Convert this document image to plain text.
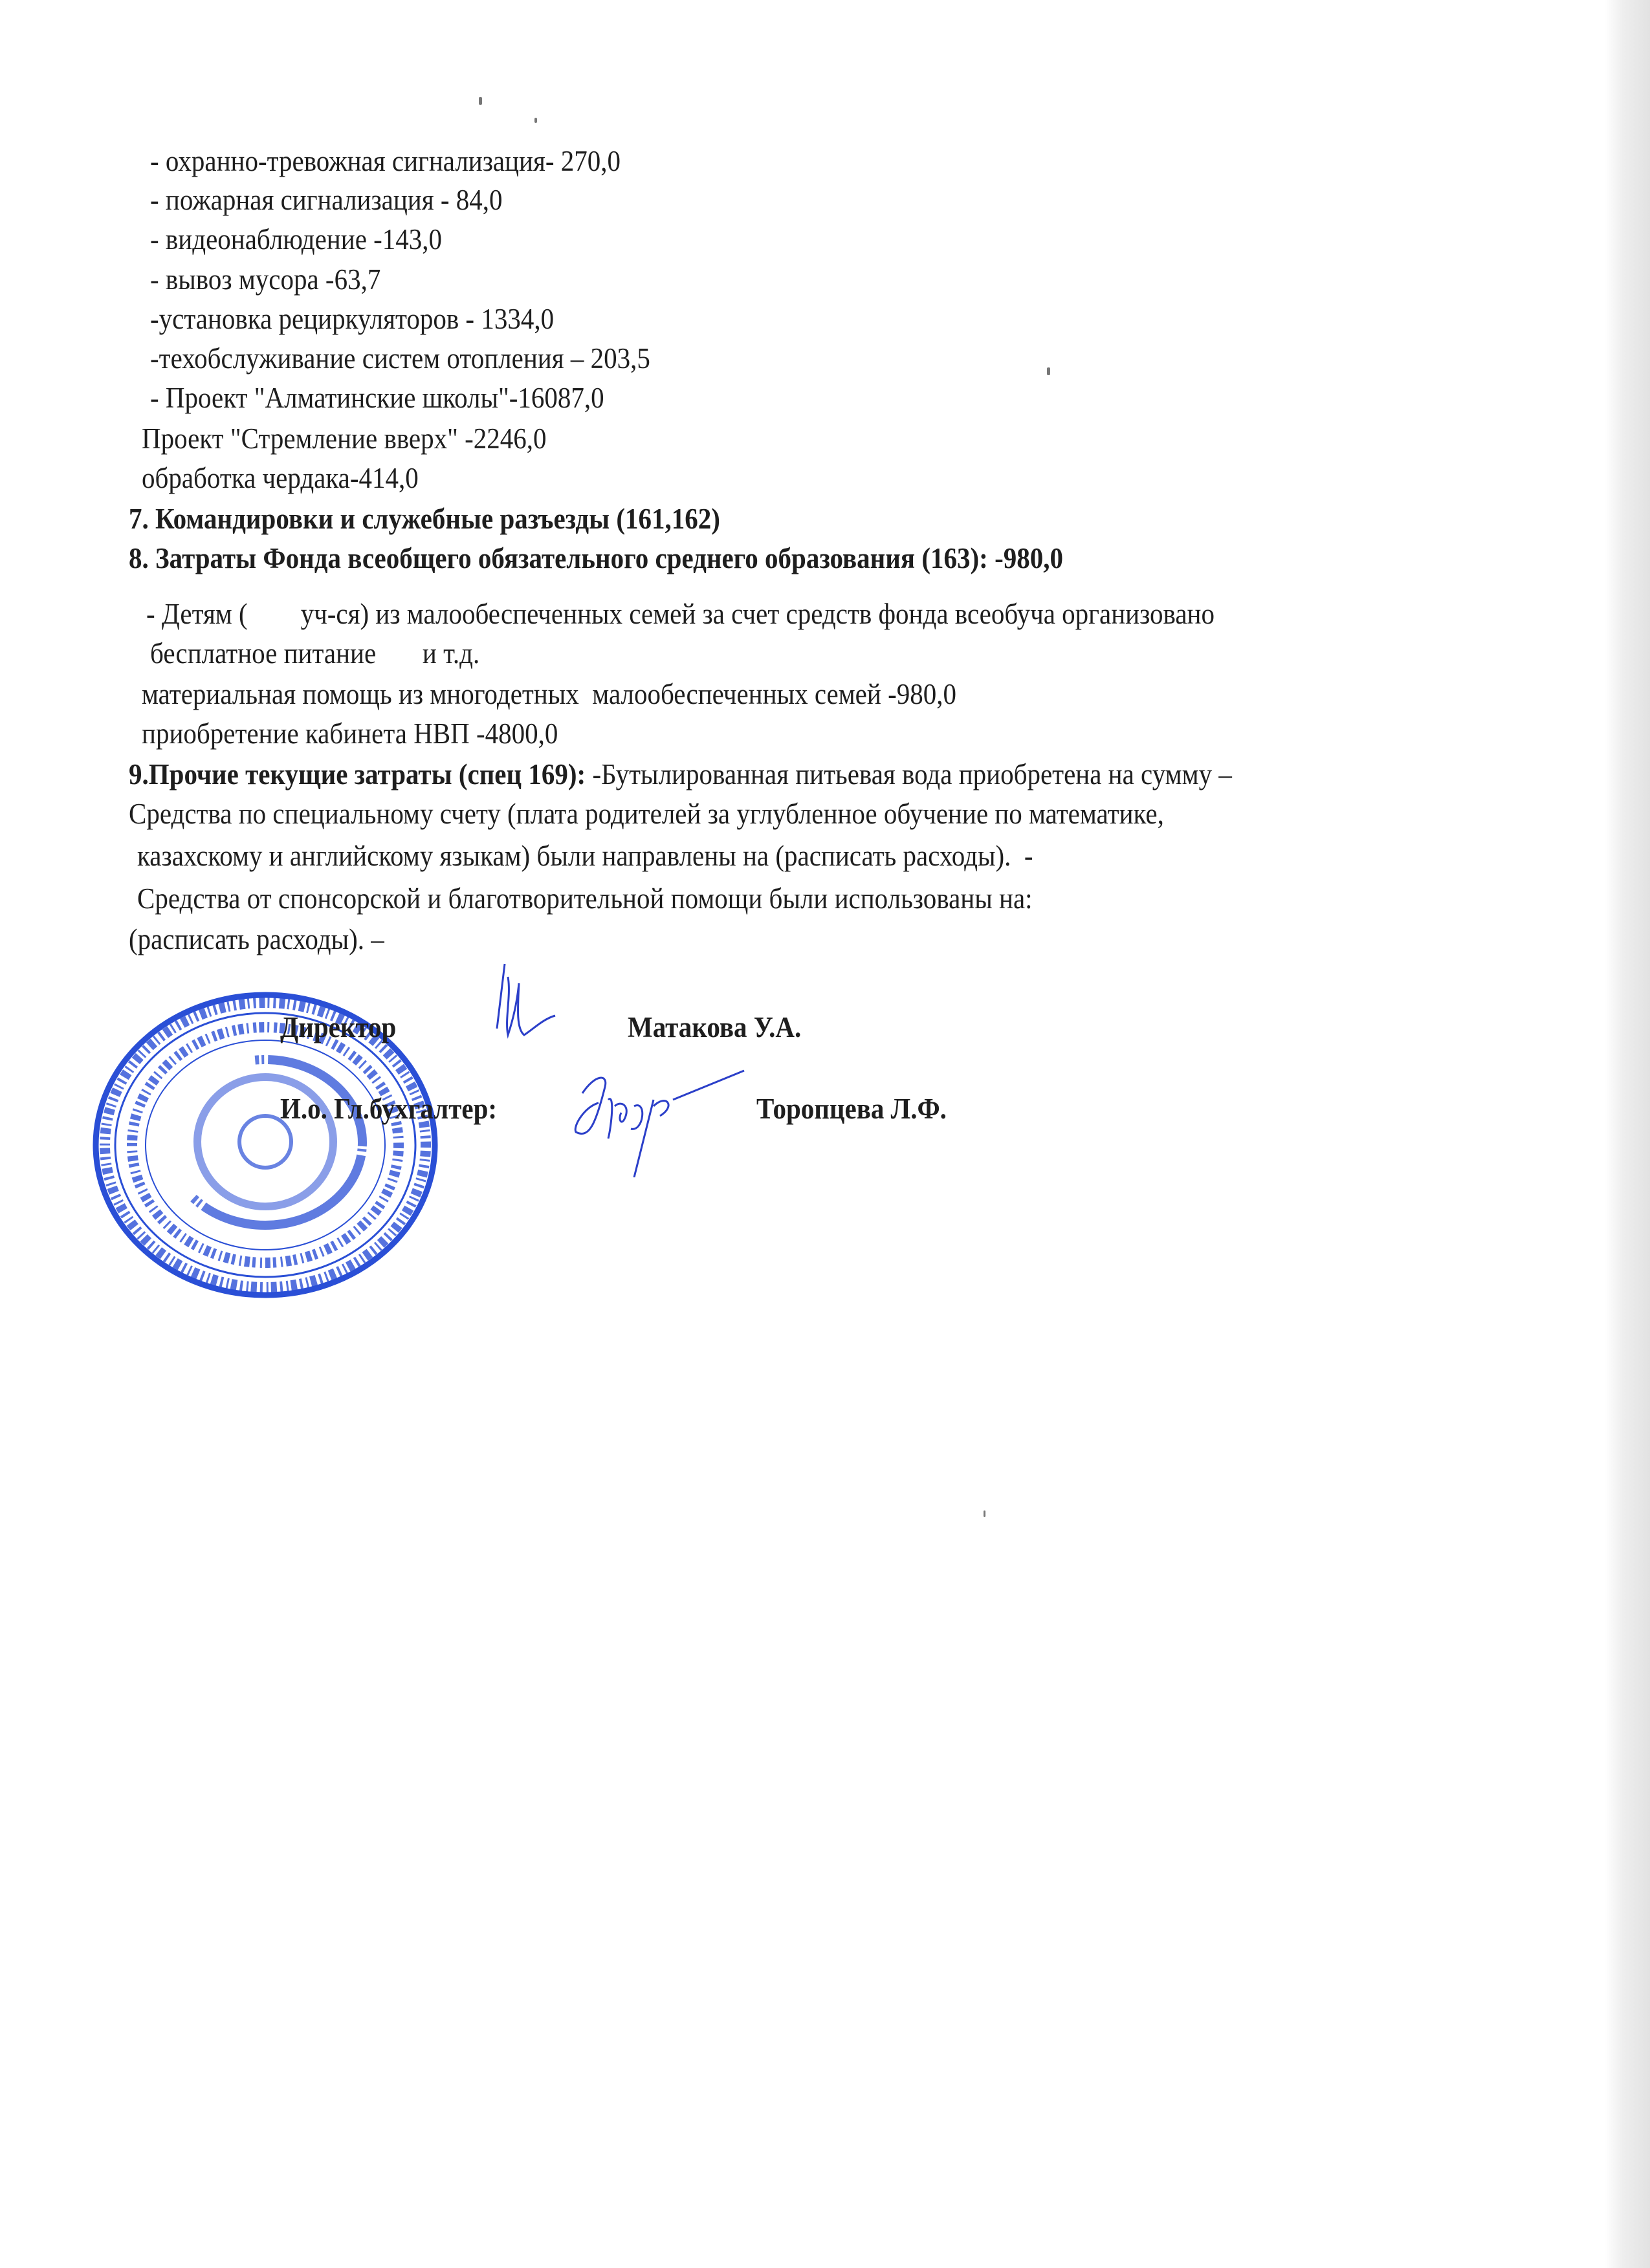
- охранно-тревожная сигнализация- 270,0
- пожарная сигнализация - 84,0
- видеонаблюдение -143,0
- вывоз мусора -63,7
-установка рециркуляторов - 1334,0
-техобслуживание систем отопления – 203,5
- Проект "Алматинские школы"-16087,0
Проект "Стремление вверх" -2246,0
обработка чердака-414,0
7. Командировки и служебные разъезды (161,162)
8. Затраты Фонда всеобщего обязательного среднего образования (163): -980,0
- Детям (        уч-ся) из малообеспеченных семей за счет средств фонда всеобуча организовано
бесплатное питание       и т.д.
материальная помощь из многодетных  малообеспеченных семей -980,0
приобретение кабинета НВП -4800,0
9.Прочие текущие затраты (спец 169): -Бутылированная питьевая вода приобретена на сумму –
Средства по специальному счету (плата родителей за углубленное обучение по математике,
казахскому и английскому языкам) были направлены на (расписать расходы).  -
Средства от спонсорской и благотворительной помощи были использованы на:
(расписать расходы). –
Директор	Матакова У.А.
И.о. Гл.бухгалтер:	Торопцева Л.Ф.
